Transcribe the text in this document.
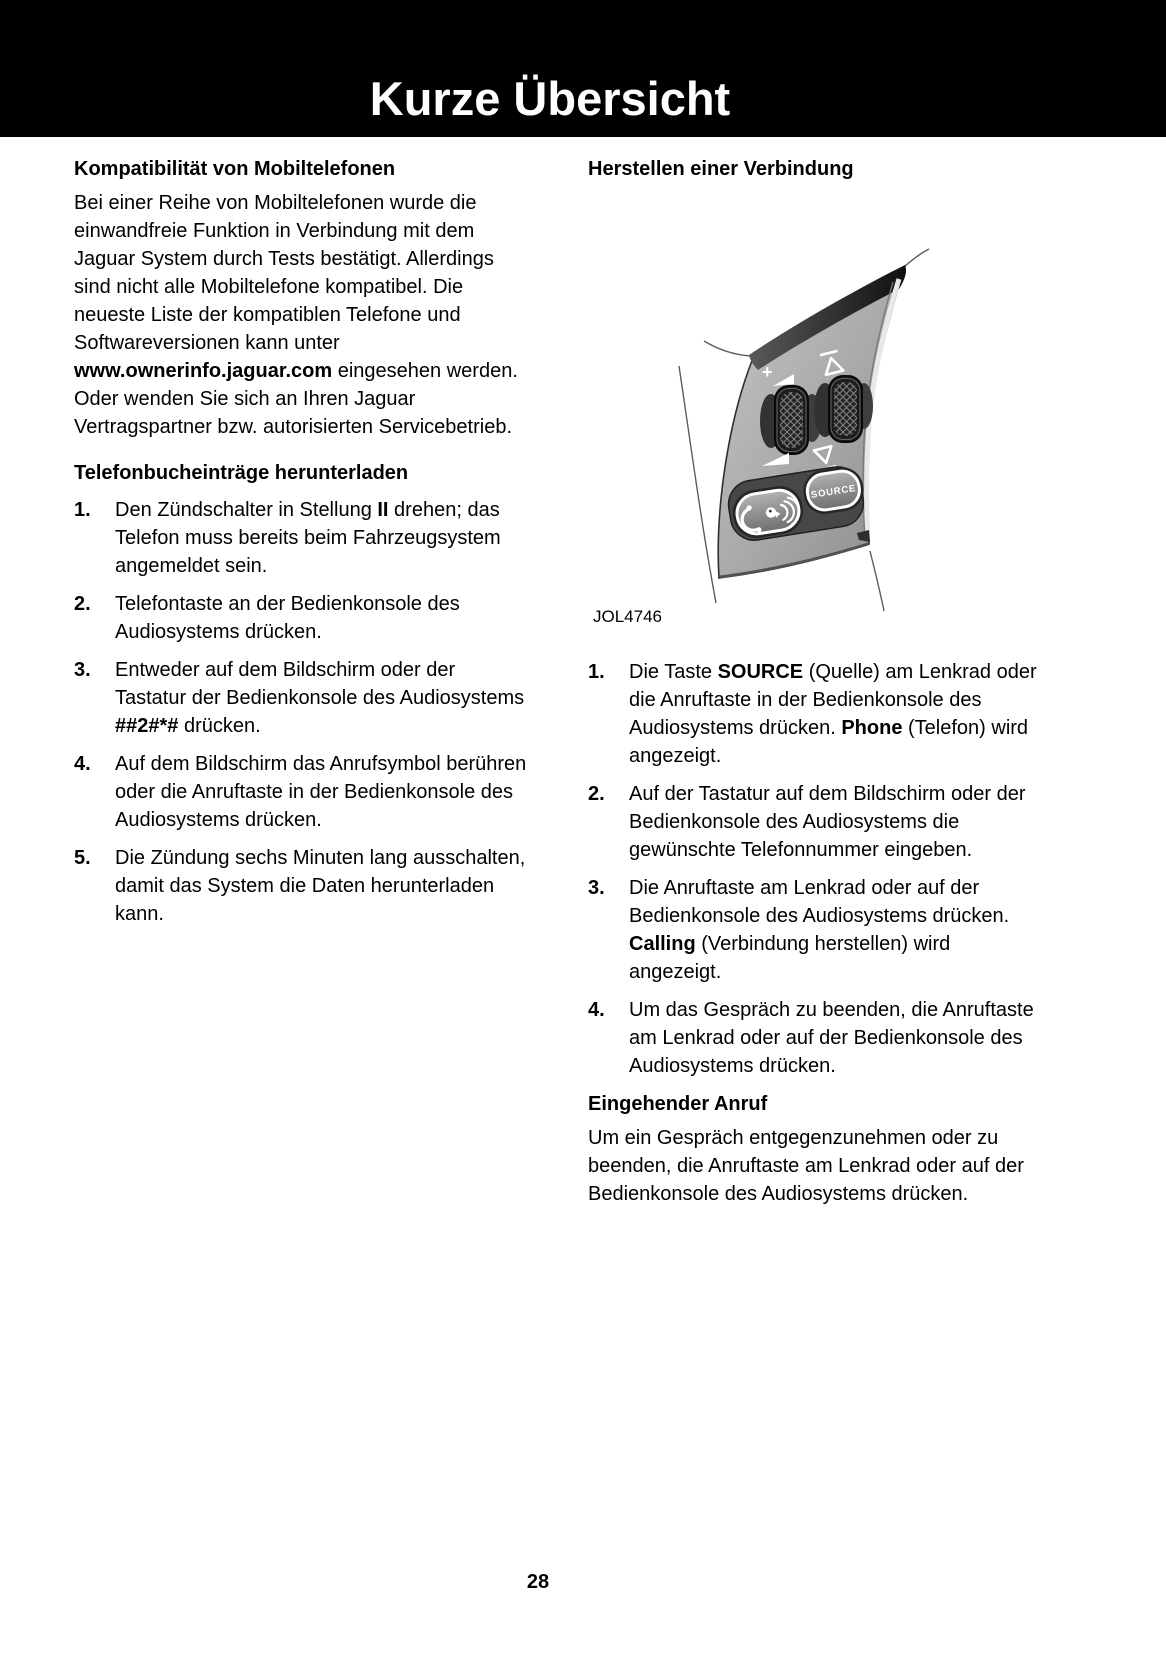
Kurze Übersicht
Kompatibilität von Mobiltelefonen

Bei einer Reihe von Mobiltelefonen wurde die einwandfreie Funktion in Verbindung mit dem Jaguar System durch Tests bestätigt. Allerdings sind nicht alle Mobiltelefone kompatibel. Die neueste Liste der kompatiblen Telefone und Softwareversionen kann unter www.ownerinfo.jaguar.com eingesehen werden. Oder wenden Sie sich an Ihren Jaguar Vertragspartner bzw. autorisierten Servicebetrieb.

Telefonbucheinträge herunterladen
1.	Den Zündschalter in Stellung II drehen; das Telefon muss bereits beim Fahrzeugsystem angemeldet sein.
2.	Telefontaste an der Bedienkonsole des Audiosystems drücken.
3.	Entweder auf dem Bildschirm oder der Tastatur der Bedienkonsole des Audiosystems ##2#*# drücken.
4.	Auf dem Bildschirm das Anrufsymbol berühren oder die Anruftaste in der Bedienkonsole des Audiosystems drücken.
5.	Die Zündung sechs Minuten lang ausschalten, damit das System die Daten herunterladen kann.
Herstellen einer Verbindung
+
SOURCE
JOL4746
1.	Die Taste SOURCE (Quelle) am Lenkrad oder die Anruftaste in der Bedienkonsole des Audiosystems drücken. Phone (Telefon) wird angezeigt.
2.	Auf der Tastatur auf dem Bildschirm oder der Bedienkonsole des Audiosystems die gewünschte Telefonnummer eingeben.
3.	Die Anruftaste am Lenkrad oder auf der Bedienkonsole des Audiosystems drücken. Calling (Verbindung herstellen) wird angezeigt.
4.	Um das Gespräch zu beenden, die Anruftaste am Lenkrad oder auf der Bedienkonsole des Audiosystems drücken.
Eingehender Anruf

Um ein Gespräch entgegenzunehmen oder zu beenden, die Anruftaste am Lenkrad oder auf der Bedienkonsole des Audiosystems drücken.

28
